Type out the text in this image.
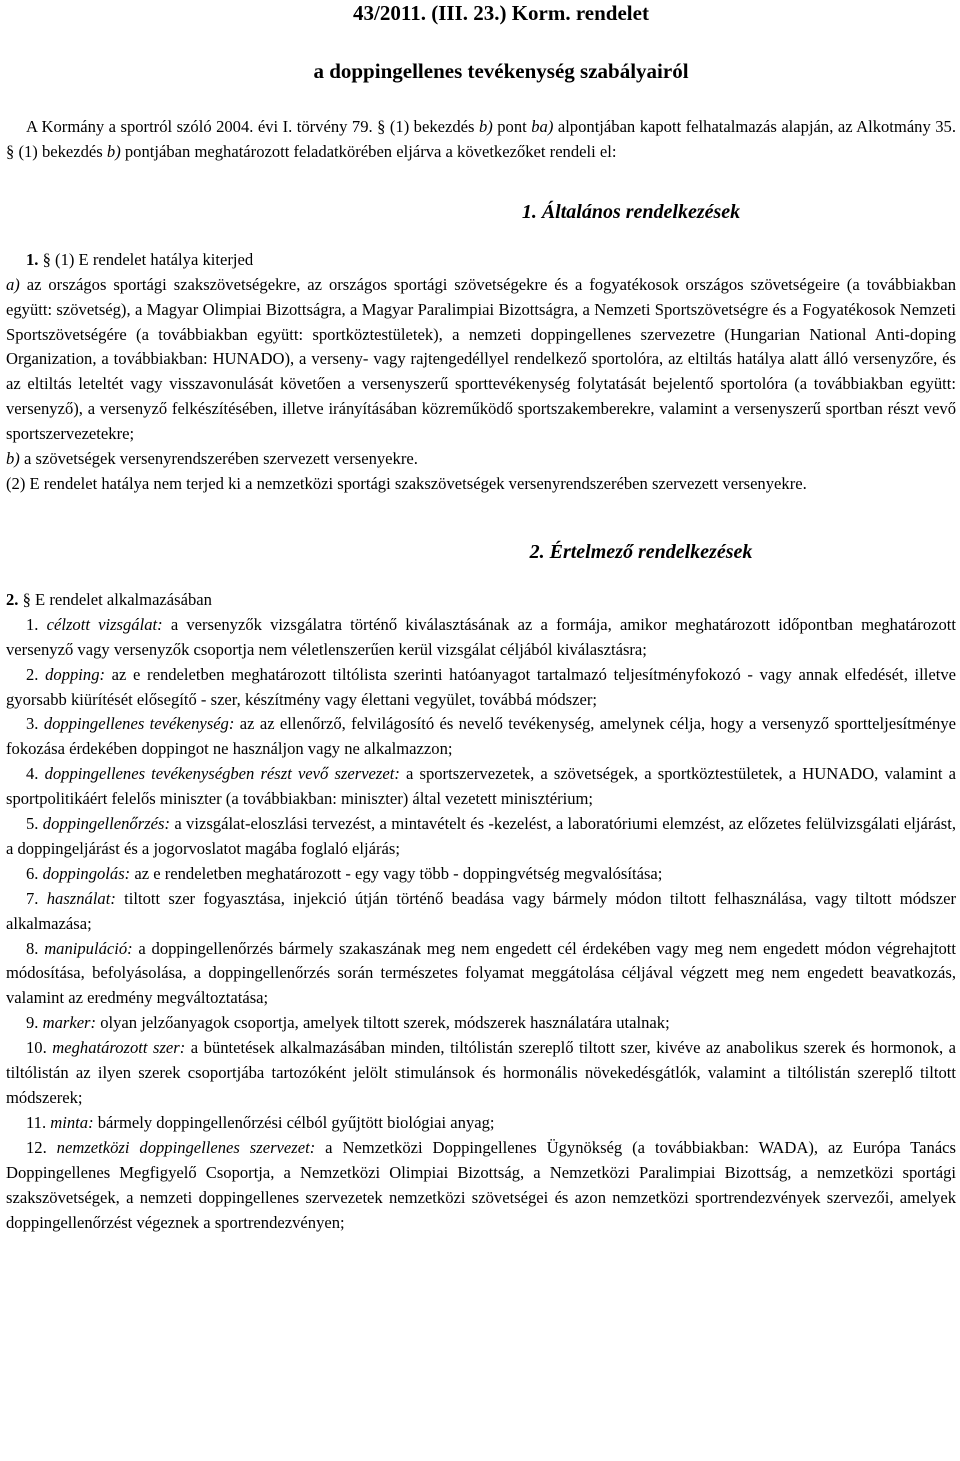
43/2011. (III. 23.) Korm. rendelet
a doppingellenes tevékenység szabályairól

A Kormány a sportról szóló 2004. évi I. törvény 79. § (1) bekezdés b) pont ba) alpontjában kapott felhatalmazás alapján, az Alkotmány 35. § (1) bekezdés b) pontjában meghatározott feladatkörében eljárva a következőket rendeli el:

1. Általános rendelkezések

1. § (1) E rendelet hatálya kiterjed

a) az országos sportági szakszövetségekre, az országos sportági szövetségekre és a fogyatékosok országos szövetségeire (a továbbiakban együtt: szövetség), a Magyar Olimpiai Bizottságra, a Magyar Paralimpiai Bizottságra, a Nemzeti Sportszövetségre és a Fogyatékosok Nemzeti Sportszövetségére (a továbbiakban együtt: sportköztestületek), a nemzeti doppingellenes szervezetre (Hungarian National Anti-doping Organization, a továbbiakban: HUNADO), a verseny- vagy rajtengedéllyel rendelkező sportolóra, az eltiltás hatálya alatt álló versenyzőre, és az eltiltás leteltét vagy visszavonulását követően a versenyszerű sporttevékenység folytatását bejelentő sportolóra (a továbbiakban együtt: versenyző), a versenyző felkészítésében, illetve irányításában közreműködő sportszakemberekre, valamint a versenyszerű sportban részt vevő sportszervezetekre;

b) a szövetségek versenyrendszerében szervezett versenyekre.

(2) E rendelet hatálya nem terjed ki a nemzetközi sportági szakszövetségek versenyrendszerében szervezett versenyekre.

2. Értelmező rendelkezések

2. § E rendelet alkalmazásában

1. célzott vizsgálat: a versenyzők vizsgálatra történő kiválasztásának az a formája, amikor meghatározott időpontban meghatározott versenyző vagy versenyzők csoportja nem véletlenszerűen kerül vizsgálat céljából kiválasztásra;

2. dopping: az e rendeletben meghatározott tiltólista szerinti hatóanyagot tartalmazó teljesítményfokozó - vagy annak elfedését, illetve gyorsabb kiürítését elősegítő - szer, készítmény vagy élettani vegyület, továbbá módszer;

3. doppingellenes tevékenység: az az ellenőrző, felvilágosító és nevelő tevékenység, amelynek célja, hogy a versenyző sportteljesítménye fokozása érdekében doppingot ne használjon vagy ne alkalmazzon;

4. doppingellenes tevékenységben részt vevő szervezet: a sportszervezetek, a szövetségek, a sportköztestületek, a HUNADO, valamint a sportpolitikáért felelős miniszter (a továbbiakban: miniszter) által vezetett minisztérium;

5. doppingellenőrzés: a vizsgálat-eloszlási tervezést, a mintavételt és -kezelést, a laboratóriumi elemzést, az előzetes felülvizsgálati eljárást, a doppingeljárást és a jogorvoslatot magába foglaló eljárás;

6. doppingolás: az e rendeletben meghatározott - egy vagy több - doppingvétség megvalósítása;

7. használat: tiltott szer fogyasztása, injekció útján történő beadása vagy bármely módon tiltott felhasználása, vagy tiltott módszer alkalmazása;

8. manipuláció: a doppingellenőrzés bármely szakaszának meg nem engedett cél érdekében vagy meg nem engedett módon végrehajtott módosítása, befolyásolása, a doppingellenőrzés során természetes folyamat meggátolása céljával végzett meg nem engedett beavatkozás, valamint az eredmény megváltoztatása;

9. marker: olyan jelzőanyagok csoportja, amelyek tiltott szerek, módszerek használatára utalnak;

10. meghatározott szer: a büntetések alkalmazásában minden, tiltólistán szereplő tiltott szer, kivéve az anabolikus szerek és hormonok, a tiltólistán az ilyen szerek csoportjába tartozóként jelölt stimulánsok és hormonális növekedésgátlók, valamint a tiltólistán szereplő tiltott módszerek;

11. minta: bármely doppingellenőrzési célból gyűjtött biológiai anyag;

12. nemzetközi doppingellenes szervezet: a Nemzetközi Doppingellenes Ügynökség (a továbbiakban: WADA), az Európa Tanács Doppingellenes Megfigyelő Csoportja, a Nemzetközi Olimpiai Bizottság, a Nemzetközi Paralimpiai Bizottság, a nemzetközi sportági szakszövetségek, a nemzeti doppingellenes szervezetek nemzetközi szövetségei és azon nemzetközi sportrendezvények szervezői, amelyek doppingellenőrzést végeznek a sportrendezvényen;
